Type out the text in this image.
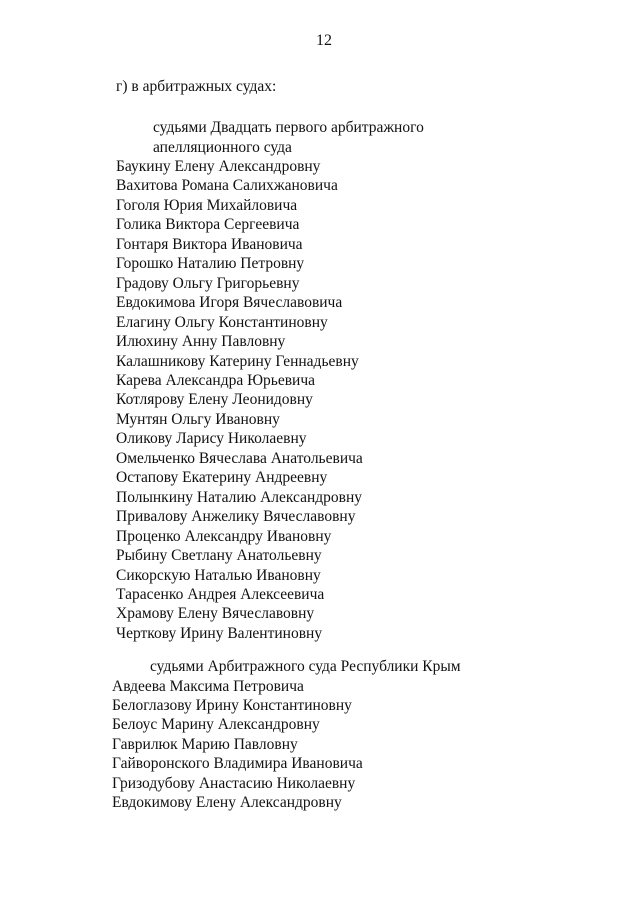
12
г) в арбитражных судах:
судьями Двадцать первого арбитражного
апелляционного суда
Баукину Елену Александровну
Вахитова Романа Салихжановича
Гоголя Юрия Михайловича
Голика Виктора Сергеевича
Гонтаря Виктора Ивановича
Горошко Наталию Петровну
Градову Ольгу Григорьевну
Евдокимова Игоря Вячеславовича
Елагину Ольгу Константиновну
Илюхину Анну Павловну
Калашникову Катерину Геннадьевну
Карева Александра Юрьевича
Котлярову Елену Леонидовну
Мунтян Ольгу Ивановну
Оликову Ларису Николаевну
Омельченко Вячеслава Анатольевича
Остапову Екатерину Андреевну
Полынкину Наталию Александровну
Привалову Анжелику Вячеславовну
Проценко Александру Ивановну
Рыбину Светлану Анатольевну
Сикорскую Наталью Ивановну
Тарасенко Андрея Алексеевича
Храмову Елену Вячеславовну
Черткову Ирину Валентиновну
судьями Арбитражного суда Республики Крым
Авдеева Максима Петровича
Белоглазову Ирину Константиновну
Белоус Марину Александровну
Гаврилюк Марию Павловну
Гайворонского Владимира Ивановича
Гризодубову Анастасию Николаевну
Евдокимову Елену Александровну
